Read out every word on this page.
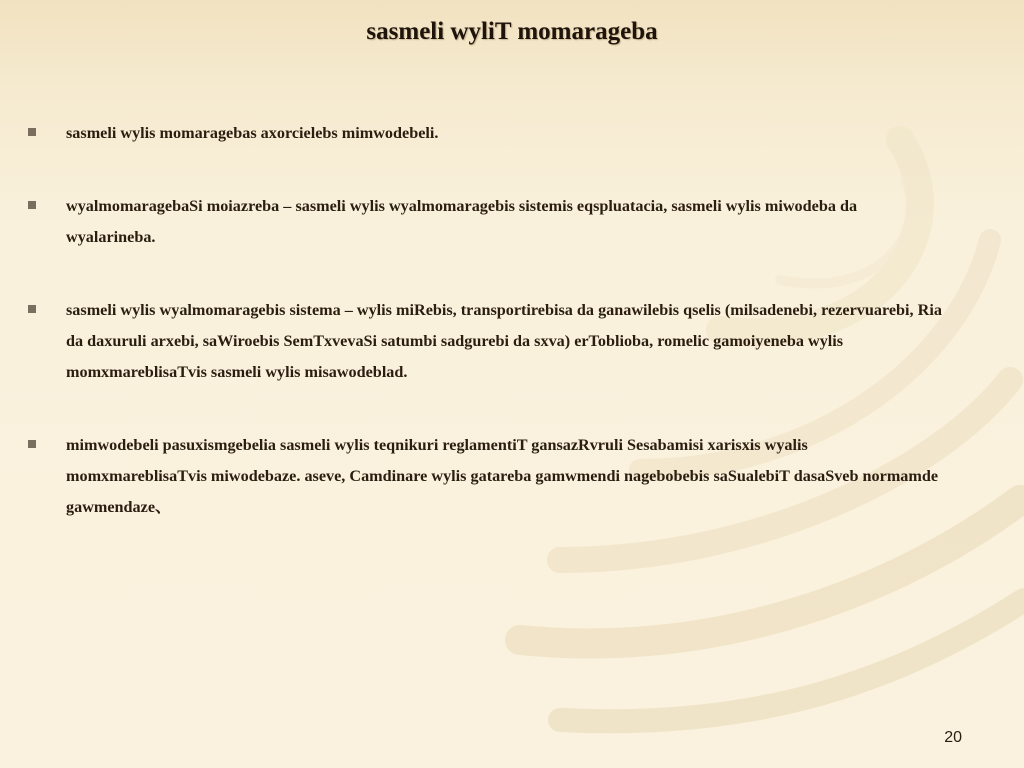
sasmeli wyliT momarageba
sasmeli wylis momaragebas axorcielebs mimwodebeli.
wyalmomaragebaSi moiazreba – sasmeli wylis wyalmomaragebis sistemis eqspluatacia, sasmeli wylis miwodeba da wyalarineba.
sasmeli wylis wyalmomaragebis sistema – wylis miRebis, transportirebisa da ganawilebis qselis (milsadenebi, rezervuarebi, Ria da daxuruli arxebi, saWiroebis SemTxvevaSi satumbi sadgurebi da sxva) erToblioba, romelic gamoiyeneba wylis momxmareblisaTvis sasmeli wylis misawodeblad.
mimwodebeli pasuxismgebelia sasmeli wylis teqnikuri reglamentiT gansazRvruli Sesabamisi xarisxis wyalis momxmareblisaTvis miwodebaze. aseve, Camdinare wylis gatareba gamwmendi nagebobebis saSualebiT dasaSveb normamde gawmendaze、
20
